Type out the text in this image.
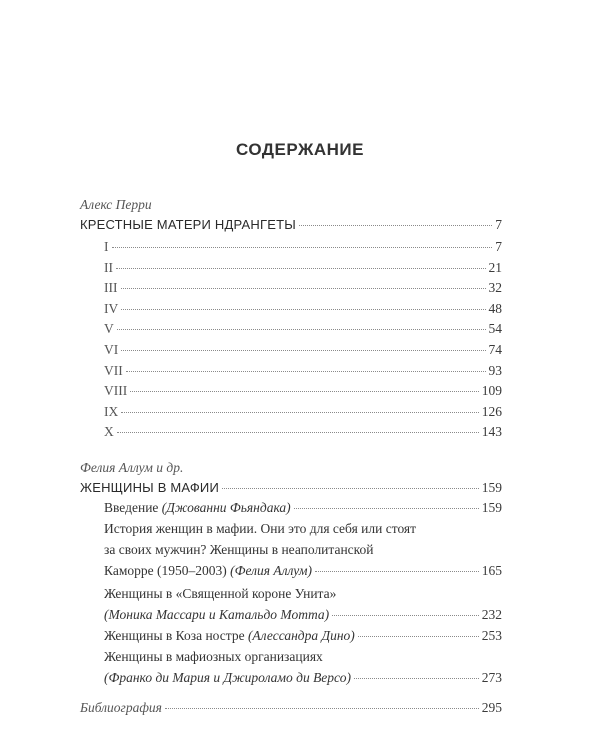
СОДЕРЖАНИЕ
Алекс Перри
КРЕСТНЫЕ МАТЕРИ НДРАНГЕТЫ	7
I	7
II	21
III	32
IV	48
V	54
VI	74
VII	93
VIII	109
IX	126
X	143
Фелия Аллум и др.
ЖЕНЩИНЫ В МАФИИ	159
Введение (Джованни Фьяндака)	159
История женщин в мафии. Они это для себя или стоят
за своих мужчин? Женщины в неаполитанской
Каморре (1950–2003) (Фелия Аллум)	165
Женщины в «Священной короне Унита»
(Моника Массари и Катальдо Мотта)	232
Женщины в Коза ностре (Алессандра Дино)	253
Женщины в мафиозных организациях
(Франко ди Мария и Джироламо ди Версо)	273
Библиография	295
